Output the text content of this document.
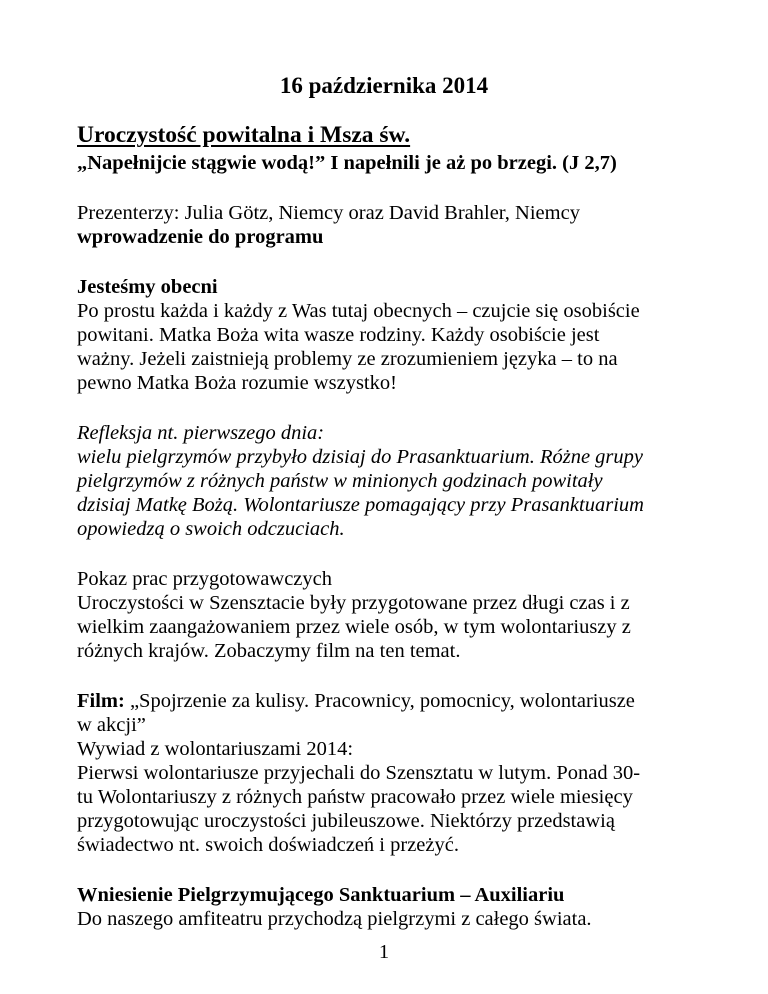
16 października 2014
Uroczystość powitalna i Msza św.
„Napełnijcie stągwie wodą!” I napełnili je aż po brzegi. (J 2,7)
Prezenterzy: Julia Götz, Niemcy oraz David Brahler, Niemcy
wprowadzenie do programu
Jesteśmy obecni
Po prostu każda i każdy z Was tutaj obecnych – czujcie się osobiście
powitani. Matka Boża wita wasze rodziny. Każdy osobiście jest
ważny. Jeżeli zaistnieją problemy ze zrozumieniem języka – to na
pewno Matka Boża rozumie wszystko!
Refleksja nt. pierwszego dnia:
wielu pielgrzymów przybyło dzisiaj do Prasanktuarium. Różne grupy
pielgrzymów z różnych państw w minionych godzinach powitały
dzisiaj Matkę Bożą. Wolontariusze pomagający przy Prasanktuarium
opowiedzą o swoich odczuciach.
Pokaz prac przygotowawczych
Uroczystości w Szensztacie były przygotowane przez długi czas i z
wielkim zaangażowaniem przez wiele osób, w tym wolontariuszy z
różnych krajów. Zobaczymy film na ten temat.
Film: „Spojrzenie za kulisy. Pracownicy, pomocnicy, wolontariusze
w akcji”
Wywiad z wolontariuszami 2014:
Pierwsi wolontariusze przyjechali do Szensztatu w lutym. Ponad 30-
tu Wolontariuszy z różnych państw pracowało przez wiele miesięcy
przygotowując uroczystości jubileuszowe. Niektórzy przedstawią
świadectwo nt. swoich doświadczeń i przeżyć.
Wniesienie Pielgrzymującego Sanktuarium – Auxiliariu
Do naszego amfiteatru przychodzą pielgrzymi z całego świata.
1
